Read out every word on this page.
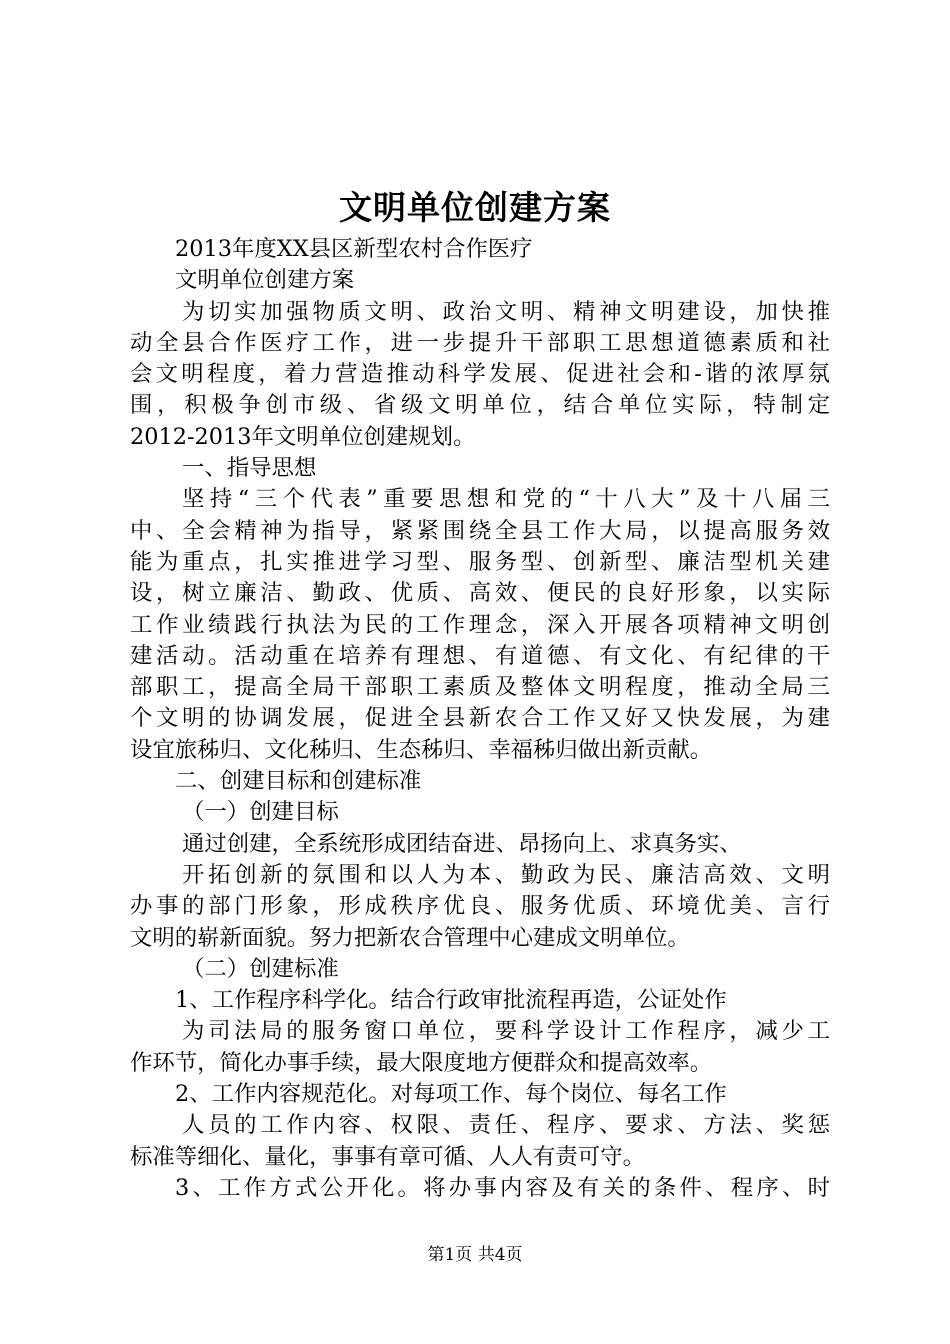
文明单位创建方案
2013年度XX县区新型农村合作医疗
文明单位创建方案
为切实加强物质文明、政治文明、精神文明建设，加快推
动全县合作医疗工作，进一步提升干部职工思想道德素质和社
会文明程度，着力营造推动科学发展、促进社会和-谐的浓厚氛
围，积极争创市级、省级文明单位，结合单位实际，特制定
2012-2013年文明单位创建规划。
一、指导思想
坚持“三个代表”重要思想和党的“十八大”及十八届三
中、全会精神为指导，紧紧围绕全县工作大局，以提高服务效
能为重点，扎实推进学习型、服务型、创新型、廉洁型机关建
设，树立廉洁、勤政、优质、高效、便民的良好形象，以实际
工作业绩践行执法为民的工作理念，深入开展各项精神文明创
建活动。活动重在培养有理想、有道德、有文化、有纪律的干
部职工，提高全局干部职工素质及整体文明程度，推动全局三
个文明的协调发展，促进全县新农合工作又好又快发展，为建
设宜旅秭归、文化秭归、生态秭归、幸福秭归做出新贡献。
二、创建目标和创建标准
（一）创建目标
通过创建，全系统形成团结奋进、昂扬向上、求真务实、
开拓创新的氛围和以人为本、勤政为民、廉洁高效、文明
办事的部门形象，形成秩序优良、服务优质、环境优美、言行
文明的崭新面貌。努力把新农合管理中心建成文明单位。
（二）创建标准
1、工作程序科学化。结合行政审批流程再造，公证处作
为司法局的服务窗口单位，要科学设计工作程序，减少工
作环节，简化办事手续，最大限度地方便群众和提高效率。
2、工作内容规范化。对每项工作、每个岗位、每名工作
人员的工作内容、权限、责任、程序、要求、方法、奖惩
标准等细化、量化，事事有章可循、人人有责可守。
3、工作方式公开化。将办事内容及有关的条件、程序、时
第1页 共4页
